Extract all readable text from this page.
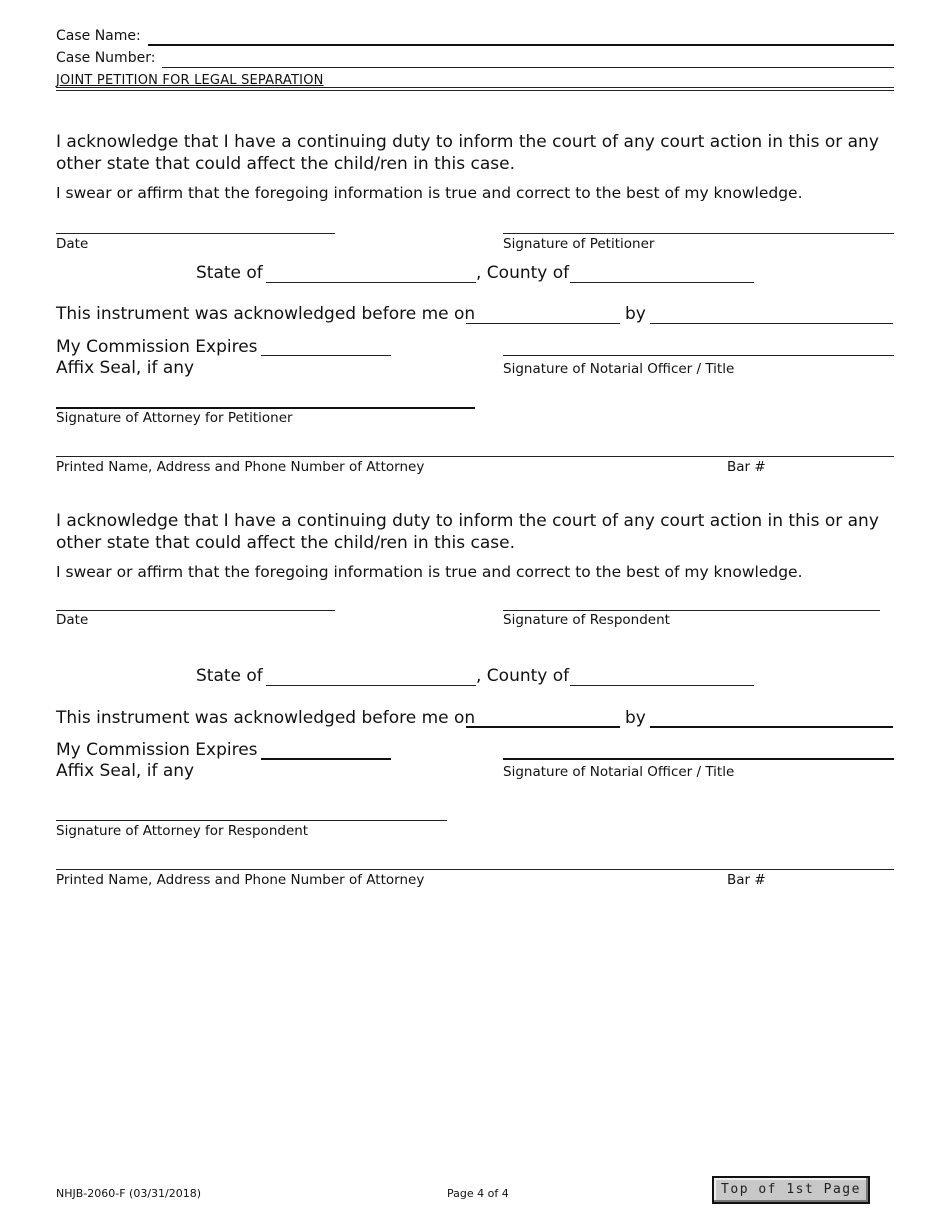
Case Name:
Case Number:
JOINT PETITION FOR LEGAL SEPARATION
I acknowledge that I have a continuing duty to inform the court of any court action in this or any other state that could affect the child/ren in this case.
I swear or affirm that the foregoing information is true and correct to the best of my knowledge.
Date	Signature of Petitioner
State of	, County of
This instrument was acknowledged before me on	by
My Commission Expires
Affix Seal, if any	Signature of Notarial Officer / Title
Signature of Attorney for Petitioner
Printed Name, Address and Phone Number of Attorney	Bar #
I acknowledge that I have a continuing duty to inform the court of any court action in this or any other state that could affect the child/ren in this case.
I swear or affirm that the foregoing information is true and correct to the best of my knowledge.
Date	Signature of Respondent
State of	, County of
This instrument was acknowledged before me on	by
My Commission Expires
Affix Seal, if any	Signature of Notarial Officer / Title
Signature of Attorney for Respondent
Printed Name, Address and Phone Number of Attorney	Bar #
NHJB-2060-F (03/31/2018)	Page 4 of 4	Top of 1st Page
